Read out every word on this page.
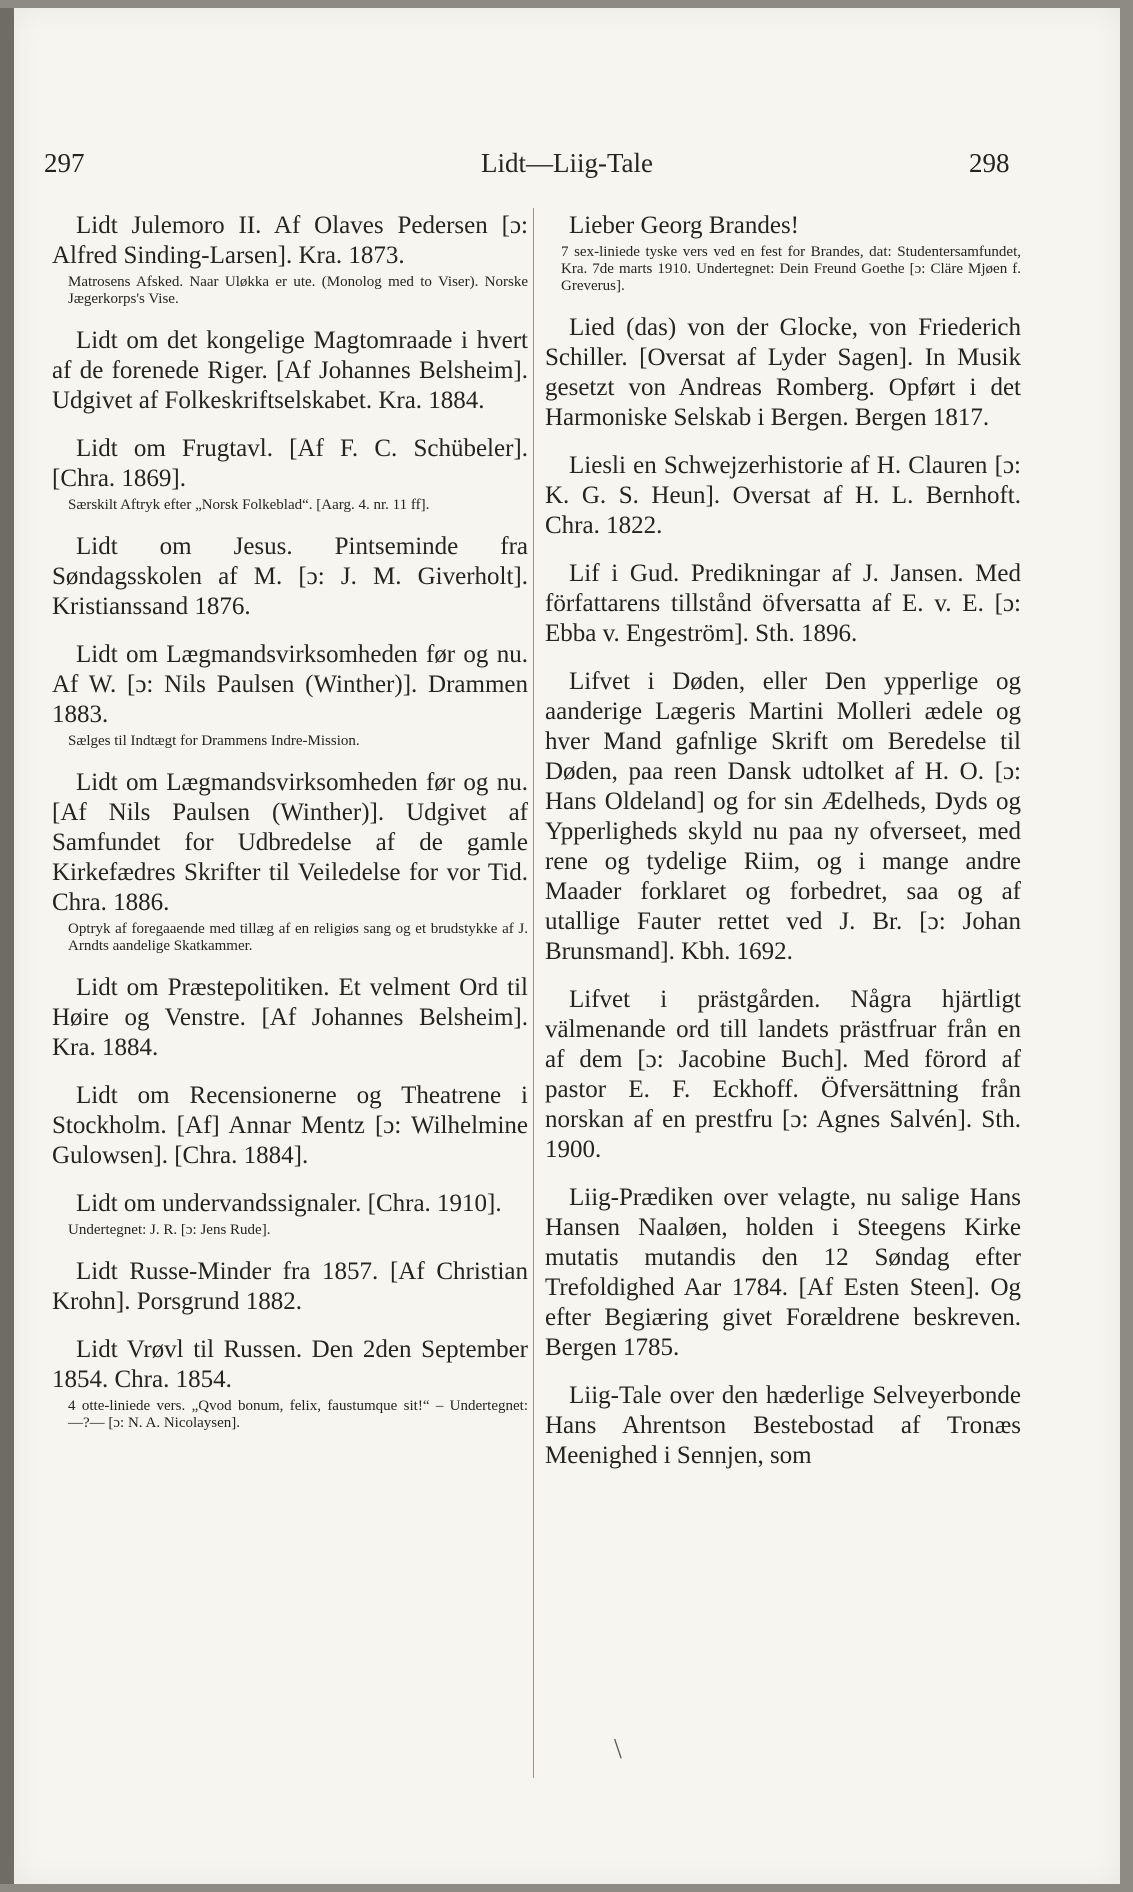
297	Lidt—Liig-Tale	298
Lidt Julemoro II. Af Olaves Pedersen [ɔ: Alfred Sinding-Larsen]. Kra. 1873.
Matrosens Afsked. Naar Uløkka er ute. (Monolog med to Viser). Norske Jægerkorps's Vise.
Lidt om det kongelige Magtomraade i hvert af de forenede Riger. [Af Johannes Belsheim]. Udgivet af Folkeskriftselskabet. Kra. 1884.
Lidt om Frugtavl. [Af F. C. Schübeler]. [Chra. 1869].
Særskilt Aftryk efter „Norsk Folkeblad“. [Aarg. 4. nr. 11 ff].
Lidt om Jesus. Pintseminde fra Søndagsskolen af M. [ɔ: J. M. Giverholt]. Kristianssand 1876.
Lidt om Lægmandsvirksomheden før og nu. Af W. [ɔ: Nils Paulsen (Winther)]. Drammen 1883.
Sælges til Indtægt for Drammens Indre-Mission.
Lidt om Lægmandsvirksomheden før og nu. [Af Nils Paulsen (Winther)]. Udgivet af Samfundet for Udbredelse af de gamle Kirkefædres Skrifter til Veiledelse for vor Tid. Chra. 1886.
Optryk af foregaaende med tillæg af en religiøs sang og et brudstykke af J. Arndts aandelige Skatkammer.
Lidt om Præstepolitiken. Et velment Ord til Høire og Venstre. [Af Johannes Belsheim]. Kra. 1884.
Lidt om Recensionerne og Theatrene i Stockholm. [Af] Annar Mentz [ɔ: Wilhelmine Gulowsen]. [Chra. 1884].
Lidt om undervandssignaler. [Chra. 1910].
Undertegnet: J. R. [ɔ: Jens Rude].
Lidt Russe-Minder fra 1857. [Af Christian Krohn]. Porsgrund 1882.
Lidt Vrøvl til Russen. Den 2den September 1854. Chra. 1854.
4 otte-liniede vers. „Qvod bonum, felix, faustumque sit!“ – Undertegnet: —?— [ɔ: N. A. Nicolaysen].
Lieber Georg Brandes!
7 sex-liniede tyske vers ved en fest for Brandes, dat: Studentersamfundet, Kra. 7de marts 1910. Undertegnet: Dein Freund Goethe [ɔ: Cläre Mjøen f. Greverus].
Lied (das) von der Glocke, von Friederich Schiller. [Oversat af Lyder Sagen]. In Musik gesetzt von Andreas Romberg. Opført i det Harmoniske Selskab i Bergen. Bergen 1817.
Liesli en Schwejzerhistorie af H. Clauren [ɔ: K. G. S. Heun]. Oversat af H. L. Bernhoft. Chra. 1822.
Lif i Gud. Predikningar af J. Jansen. Med författarens tillstånd öfversatta af E. v. E. [ɔ: Ebba v. Engeström]. Sth. 1896.
Lifvet i Døden, eller Den ypperlige og aanderige Lægeris Martini Molleri ædele og hver Mand gafnlige Skrift om Beredelse til Døden, paa reen Dansk udtolket af H. O. [ɔ: Hans Oldeland] og for sin Ædelheds, Dyds og Ypperligheds skyld nu paa ny ofverseet, med rene og tydelige Riim, og i mange andre Maader forklaret og forbedret, saa og af utallige Fauter rettet ved J. Br. [ɔ: Johan Brunsmand]. Kbh. 1692.
Lifvet i prästgården. Några hjärtligt välmenande ord till landets prästfruar från en af dem [ɔ: Jacobine Buch]. Med förord af pastor E. F. Eckhoff. Öfversättning från norskan af en prestfru [ɔ: Agnes Salvén]. Sth. 1900.
Liig-Prædiken over velagte, nu salige Hans Hansen Naaløen, holden i Steegens Kirke mutatis mutandis den 12 Søndag efter Trefoldighed Aar 1784. [Af Esten Steen]. Og efter Begiæring givet Forældrene beskreven. Bergen 1785.
Liig-Tale over den hæderlige Selveyerbonde Hans Ahrentson Bestebostad af Tronæs Meenighed i Sennjen, som
\
